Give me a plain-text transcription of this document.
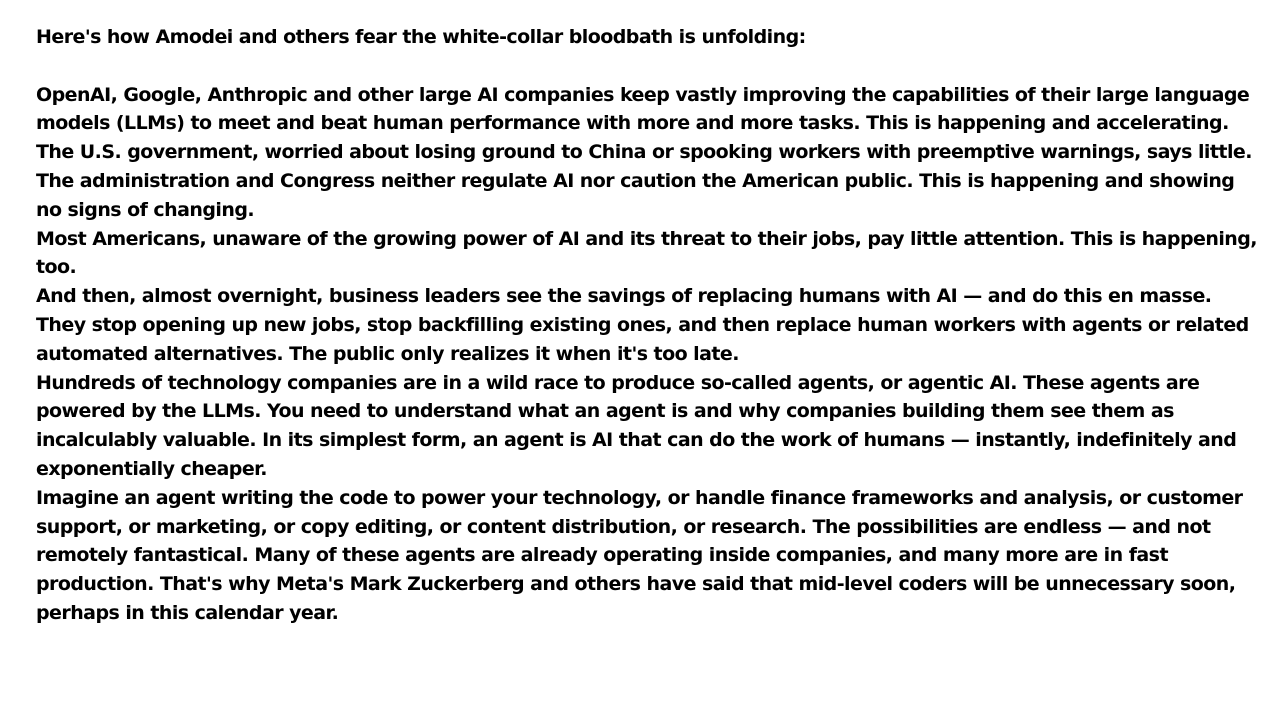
Here's how Amodei and others fear the white-collar bloodbath is unfolding:

OpenAI, Google, Anthropic and other large AI companies keep vastly improving the capabilities of their large language models (LLMs) to meet and beat human performance with more and more tasks. This is happening and accelerating.

The U.S. government, worried about losing ground to China or spooking workers with preemptive warnings, says little. The administration and Congress neither regulate AI nor caution the American public. This is happening and showing no signs of changing.

Most Americans, unaware of the growing power of AI and its threat to their jobs, pay little attention. This is happening, too.

And then, almost overnight, business leaders see the savings of replacing humans with AI — and do this en masse. They stop opening up new jobs, stop backfilling existing ones, and then replace human workers with agents or related automated alternatives. The public only realizes it when it's too late.

Hundreds of technology companies are in a wild race to produce so-called agents, or agentic AI. These agents are powered by the LLMs. You need to understand what an agent is and why companies building them see them as incalculably valuable. In its simplest form, an agent is AI that can do the work of humans — instantly, indefinitely and exponentially cheaper.

Imagine an agent writing the code to power your technology, or handle finance frameworks and analysis, or customer support, or marketing, or copy editing, or content distribution, or research. The possibilities are endless — and not remotely fantastical. Many of these agents are already operating inside companies, and many more are in fast production. That's why Meta's Mark Zuckerberg and others have said that mid-level coders will be unnecessary soon, perhaps in this calendar year.
